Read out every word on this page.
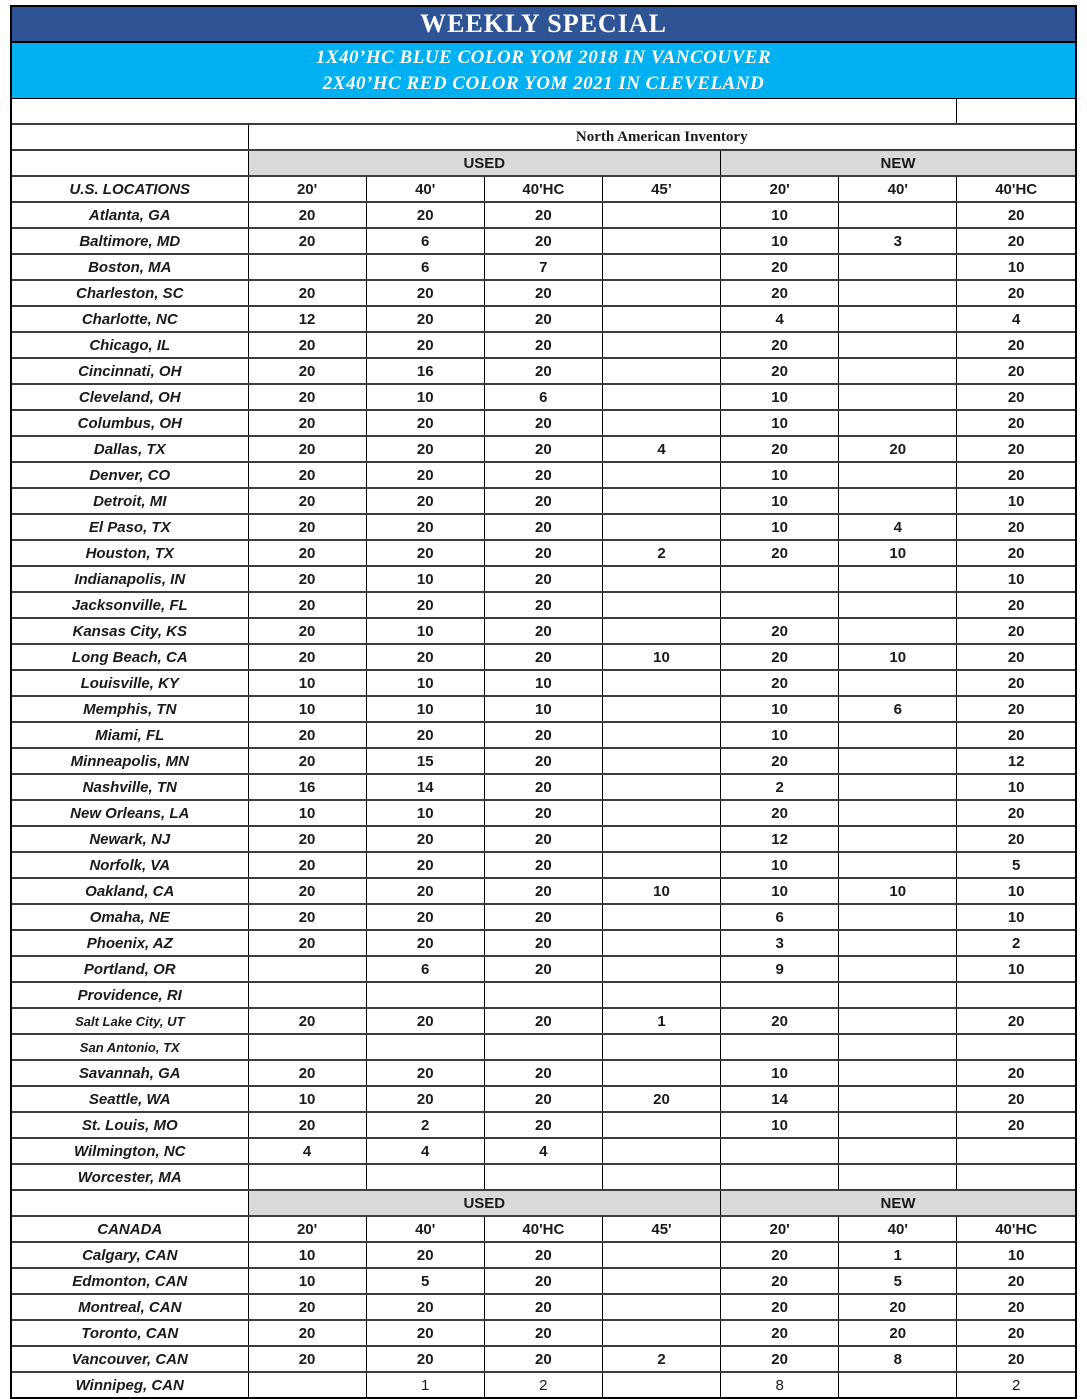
WEEKLY SPECIAL
1X40’HC BLUE COLOR YOM 2018 IN VANCOUVER
2X40’HC RED COLOR YOM 2021 IN CLEVELAND

	North American Inventory						
	USED				NEW		
U.S. LOCATIONS	20'	40'	40'HC	45’	20'	40'	40'HC
Atlanta, GA	20	20	20		10		20
Baltimore, MD	20	6	20		10	3	20
Boston, MA		6	7		20		10
Charleston, SC	20	20	20		20		20
Charlotte, NC	12	20	20		4		4
Chicago, IL	20	20	20		20		20
Cincinnati, OH	20	16	20		20		20
Cleveland, OH	20	10	6		10		20
Columbus, OH	20	20	20		10		20
Dallas, TX	20	20	20	4	20	20	20
Denver, CO	20	20	20		10		20
Detroit, MI	20	20	20		10		10
El Paso, TX	20	20	20		10	4	20
Houston, TX	20	20	20	2	20	10	20
Indianapolis, IN	20	10	20				10
Jacksonville, FL	20	20	20				20
Kansas City, KS	20	10	20		20		20
Long Beach, CA	20	20	20	10	20	10	20
Louisville, KY	10	10	10		20		20
Memphis, TN	10	10	10		10	6	20
Miami, FL	20	20	20		10		20
Minneapolis, MN	20	15	20		20		12
Nashville, TN	16	14	20		2		10
New Orleans, LA	10	10	20		20		20
Newark, NJ	20	20	20		12		20
Norfolk, VA	20	20	20		10		5
Oakland, CA	20	20	20	10	10	10	10
Omaha, NE	20	20	20		6		10
Phoenix, AZ	20	20	20		3		2
Portland, OR		6	20		9		10
Providence, RI							
Salt Lake City, UT	20	20	20	1	20		20
San Antonio, TX							
Savannah, GA	20	20	20		10		20
Seattle, WA	10	20	20	20	14		20
St. Louis, MO	20	2	20		10		20
Wilmington, NC	4	4	4				
Worcester, MA							
	USED				NEW		
CANADA	20'	40'	40'HC	45'	20'	40'	40'HC
Calgary, CAN	10	20	20		20	1	10
Edmonton, CAN	10	5	20		20	5	20
Montreal, CAN	20	20	20		20	20	20
Toronto, CAN	20	20	20		20	20	20
Vancouver, CAN	20	20	20	2	20	8	20
Winnipeg, CAN		1	2		8		2
